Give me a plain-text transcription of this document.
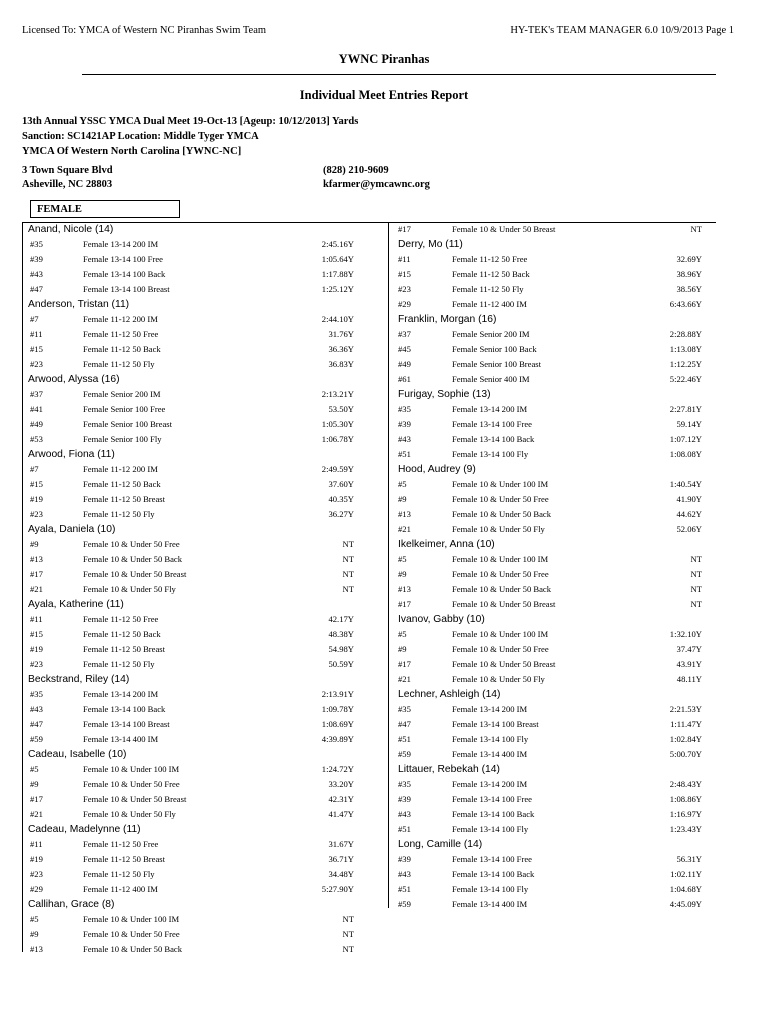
Licensed To: YMCA of Western NC Piranhas Swim Team	HY-TEK's TEAM MANAGER 6.0 10/9/2013 Page 1
YWNC Piranhas
Individual Meet Entries Report
13th Annual YSSC YMCA Dual Meet 19-Oct-13 [Ageup: 10/12/2013] Yards
Sanction: SC1421AP Location: Middle Tyger YMCA
YMCA Of Western North Carolina [YWNC-NC]
3 Town Square Blvd
Asheville, NC 28803
(828) 210-9609
kfarmer@ymcawnc.org
FEMALE
Anand, Nicole (14)
#35	Female 13-14 200 IM	2:45.16Y
#39	Female 13-14 100 Free	1:05.64Y
#43	Female 13-14 100 Back	1:17.88Y
#47	Female 13-14 100 Breast	1:25.12Y
Anderson, Tristan (11)
#7	Female 11-12 200 IM	2:44.10Y
#11	Female 11-12 50 Free	31.76Y
#15	Female 11-12 50 Back	36.36Y
#23	Female 11-12 50 Fly	36.83Y
Arwood, Alyssa (16)
#37	Female Senior 200 IM	2:13.21Y
#41	Female Senior 100 Free	53.50Y
#49	Female Senior 100 Breast	1:05.30Y
#53	Female Senior 100 Fly	1:06.78Y
Arwood, Fiona (11)
#7	Female 11-12 200 IM	2:49.59Y
#15	Female 11-12 50 Back	37.60Y
#19	Female 11-12 50 Breast	40.35Y
#23	Female 11-12 50 Fly	36.27Y
Ayala, Daniela (10)
#9	Female 10 & Under 50 Free	NT
#13	Female 10 & Under 50 Back	NT
#17	Female 10 & Under 50 Breast	NT
#21	Female 10 & Under 50 Fly	NT
Ayala, Katherine (11)
#11	Female 11-12 50 Free	42.17Y
#15	Female 11-12 50 Back	48.38Y
#19	Female 11-12 50 Breast	54.98Y
#23	Female 11-12 50 Fly	50.59Y
Beckstrand, Riley (14)
#35	Female 13-14 200 IM	2:13.91Y
#43	Female 13-14 100 Back	1:09.78Y
#47	Female 13-14 100 Breast	1:08.69Y
#59	Female 13-14 400 IM	4:39.89Y
Cadeau, Isabelle (10)
#5	Female 10 & Under 100 IM	1:24.72Y
#9	Female 10 & Under 50 Free	33.20Y
#17	Female 10 & Under 50 Breast	42.31Y
#21	Female 10 & Under 50 Fly	41.47Y
Cadeau, Madelynne (11)
#11	Female 11-12 50 Free	31.67Y
#19	Female 11-12 50 Breast	36.71Y
#23	Female 11-12 50 Fly	34.48Y
#29	Female 11-12 400 IM	5:27.90Y
Callihan, Grace (8)
#5	Female 10 & Under 100 IM	NT
#9	Female 10 & Under 50 Free	NT
#13	Female 10 & Under 50 Back	NT
#17	Female 10 & Under 50 Breast	NT
Derry, Mo (11)
#11	Female 11-12 50 Free	32.69Y
#15	Female 11-12 50 Back	38.96Y
#23	Female 11-12 50 Fly	38.56Y
#29	Female 11-12 400 IM	6:43.66Y
Franklin, Morgan (16)
#37	Female Senior 200 IM	2:28.88Y
#45	Female Senior 100 Back	1:13.08Y
#49	Female Senior 100 Breast	1:12.25Y
#61	Female Senior 400 IM	5:22.46Y
Furigay, Sophie (13)
#35	Female 13-14 200 IM	2:27.81Y
#39	Female 13-14 100 Free	59.14Y
#43	Female 13-14 100 Back	1:07.12Y
#51	Female 13-14 100 Fly	1:08.08Y
Hood, Audrey (9)
#5	Female 10 & Under 100 IM	1:40.54Y
#9	Female 10 & Under 50 Free	41.90Y
#13	Female 10 & Under 50 Back	44.62Y
#21	Female 10 & Under 50 Fly	52.06Y
Ikelkeimer, Anna (10)
#5	Female 10 & Under 100 IM	NT
#9	Female 10 & Under 50 Free	NT
#13	Female 10 & Under 50 Back	NT
#17	Female 10 & Under 50 Breast	NT
Ivanov, Gabby (10)
#5	Female 10 & Under 100 IM	1:32.10Y
#9	Female 10 & Under 50 Free	37.47Y
#17	Female 10 & Under 50 Breast	43.91Y
#21	Female 10 & Under 50 Fly	48.11Y
Lechner, Ashleigh (14)
#35	Female 13-14 200 IM	2:21.53Y
#47	Female 13-14 100 Breast	1:11.47Y
#51	Female 13-14 100 Fly	1:02.84Y
#59	Female 13-14 400 IM	5:00.70Y
Littauer, Rebekah (14)
#35	Female 13-14 200 IM	2:48.43Y
#39	Female 13-14 100 Free	1:08.86Y
#43	Female 13-14 100 Back	1:16.97Y
#51	Female 13-14 100 Fly	1:23.43Y
Long, Camille (14)
#39	Female 13-14 100 Free	56.31Y
#43	Female 13-14 100 Back	1:02.11Y
#51	Female 13-14 100 Fly	1:04.68Y
#59	Female 13-14 400 IM	4:45.09Y
